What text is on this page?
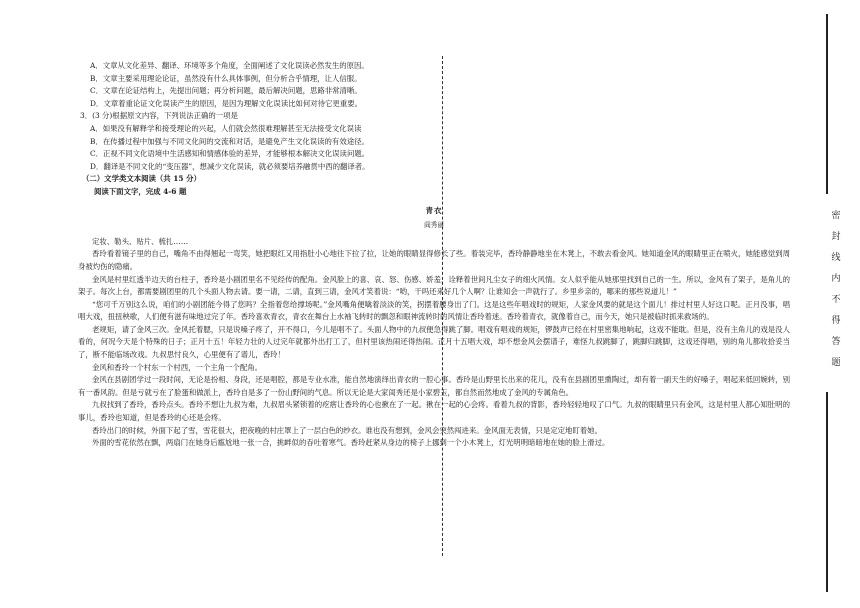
密
封
线
内
不
得
答
题
A．文章从文化差异、翻译、环境等多个角度，全面阐述了文化误读必然发生的原因。
B．文章主要采用理论论证，虽然没有什么具体事例，但分析合乎情理，让人信服。
C．文章在论证结构上，先提出问题；再分析问题，最后解决问题，思路非常清晰。
D．文章着重论证文化误读产生的原因，是因为理解文化误读比如何对待它更重要。
3．(3 分)根据原文内容，下列说法正确的一项是
A．如果没有解释学和接受理论的兴起，人们就会然很难理解甚至无法接受文化误读
B．在传播过程中加强与不同文化间的交流和对话，是避免产生文化误读的有效途径。
C．正视不同文化语境中生活感知和情感体验的差异，才能够根本解决文化误读问题。
D．翻译是不同文化的“变压器”，想减少文化误读，就必须要培养融贯中西的翻译者。
（二）文学类文本阅读（共 15 分）
阅读下面文字，完成 4-6 题
青衣
阎秀丽
定妆、勒头、贴片、梳扎……
香玲看着镜子里的自己，嘴角不由得翘起一弯笑，她把眼红又用指肚小心地往下拉了拉，让她的眼睛显得修长了些。着装完毕，香玲静静地坐在木凳上，不敢去看金风。她知道金风的眼睛里正在喷火，她能感觉到周身被灼伤的隐痛。
金风是村里红透半边天的台柱子，香玲是小剧团里名不见经传的配角。金风脸上的喜、哀、怒、伤感、娇羞，诠释着世间凡尘女子的细火风情。女人似乎能从她那里找到自己的一生。所以，金风有了架子，是角儿的架子。每次上台，都需要剧团里的几个头面人物去请。要一请，二请，直到三请，金风才笑着说：“哟，干吗还来好几个人啊？让谁知会一声就行了。乡里乡亲的，哪来的那些说道儿！”
“您可千万别这么说，咱们的小剧团能今得了您吗？全指着您给撑场呢。”金风嘴角便噙着淡淡的笑，拐摆着腰身出了门。这是这些年唱戏时的规矩，人家金风要的就是这个面儿！排过村里人好这口呢。正月没事，唱唱大戏，扭扭秧歌，人们便有滋有味地过完了年。香玲喜欢青衣，青衣在舞台上水袖飞转时的飘忽和眼神流转时的风情让香玲着迷。香玲着青衣，就像着自己，而今天，她只是被临时抓来救场的。
老规矩，请了金风三次。金风托着腮，只是说嗓子疼了，开不得口，今儿是唱不了。头面人物中的九叔便急得跳了脚。唱戏有唱戏的规矩，锣鼓声已经在村里密集地响起，这戏不能耽。但是，没有主角儿的戏是没人看的，何况今天是个特殊的日子；正月十五！年轻力壮的人过完年就都外出打工了，但村里该热闹还得热闹。正月十五唱大戏，却不想金风会摆谱子，难怪九叔跳脚了，跳脚归跳脚，这戏还得唱，别的角儿都收拾妥当了，断不能临场改戏。九叔思忖良久，心里便有了谱儿，香玲！
金风和香玲一个村东一个村西，一个主角一个配角。
金风在县剧团学过一段时间，无论是扮相、身段，还是唱腔，都是专业水准，能自然地演绎出青衣的一腔心事。香玲是山野里长出来的花儿，没有在县剧团里熏陶过，却有着一副天生的好嗓子，唱起来低回婉转，别有一番风韵。但是亏就亏在了脸蛋和做派上，香玲自是多了一份山野间的气息。所以无论是大家闺秀还是小家碧玉，都自然而然地成了金风的专属角色。
九叔找到了香玲，香玲点头。香玲不想让九叔为难，九叔眉头紧锁着的疙瘩让香玲的心也揪在了一起。揪在一起的心会疼。看着九叔的背影，香玲轻轻地叹了口气。九叔的眼睛里只有金风，这是村里人都心知肚明的事儿，香玲也知道，但是香玲的心还是会疼。
香玲出门的时候，外面下起了雪，雪花很大，把夜晚的村庄罩上了一层白色的纱衣。谁也没有想到，金风会突然闯进来。金风面无表情，只是定定地盯着她。
外面的雪花依然在飘，两扇门在她身后尴尬地一张一合，挑衅似的吞吐着寒气。香玲赶紧从身边的椅子上挪到一个小木凳上，灯光明明暗暗地在她的脸上滑过。
